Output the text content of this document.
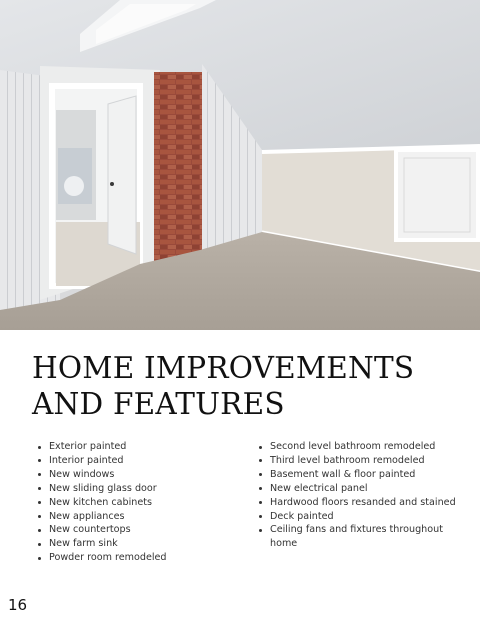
HOME IMPROVEMENTS
AND FEATURES
Exterior painted
Interior painted
New windows
New sliding glass door
New kitchen cabinets
New appliances
New countertops
New farm sink
Powder room remodeled
Second level bathroom remodeled
Third level bathroom remodeled
Basement wall & floor painted
New electrical panel
Hardwood floors resanded and stained
Deck painted
Ceiling fans and fixtures throughout home
16
